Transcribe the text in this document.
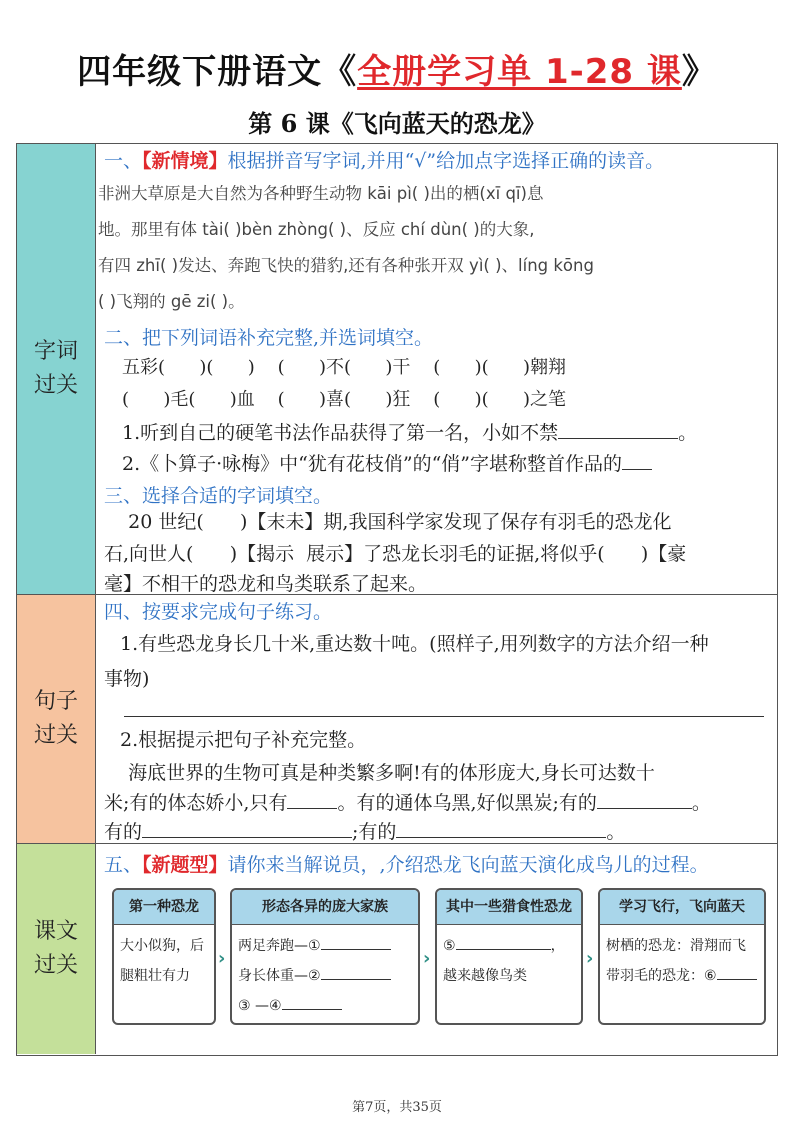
四年级下册语文《全册学习单 1-28 课》
第 6 课《飞向蓝天的恐龙》
字词
过关
句子
过关
课文
过关
一、【新情境】根据拼音写字词,并用“√”给加点字选择正确的读音。
非洲大草原是大自然为各种野生动物 kāi pì( )出的栖(xī qī)息
地。那里有体 tài( )bèn zhòng( )、反应 chí dùn( )的大象,
有四 zhī( )发达、奔跑飞快的猎豹,还有各种张开双 yì( )、líng kōng
( )飞翔的 gē zi( )。
二、把下列词语补充完整,并选词填空。
五彩(      )(      )    (      )不(      )干    (      )(      )翱翔
(      )毛(      )血    (      )喜(      )狂    (      )(      )之笔
1.听到自己的硬笔书法作品获得了第一名，小如不禁	。
2.《卜算子·咏梅》中“犹有花枝俏”的“俏”字堪称整首作品的
三、选择合适的字词填空。
20 世纪(      )【末未】期,我国科学家发现了保存有羽毛的恐龙化
石,向世人(      )【揭示  展示】了恐龙长羽毛的证据,将似乎(      )【豪
毫】不相干的恐龙和鸟类联系了起来。
四、按要求完成句子练习。
1.有些恐龙身长几十米,重达数十吨。(照样子,用列数字的方法介绍一种
事物)
2.根据提示把句子补充完整。
海底世界的生物可真是种类繁多啊!有的体形庞大,身长可达数十
米;有的体态娇小,只有	。有的通体乌黑,好似黑炭;有的	。
有的	;有的	。
五、【新题型】请你来当解说员，,介绍恐龙飞向蓝天演化成鸟儿的过程。
第一种恐龙
大小似狗，后
腿粗壮有力
›
形态各异的庞大家族
两足奔跑—①
身长体重—②
③ —④
›
其中一些猎食性恐龙
⑤	，
越来越像鸟类
›
学习飞行，飞向蓝天
树栖的恐龙：滑翔而飞
带羽毛的恐龙：⑥
第7页，共35页
